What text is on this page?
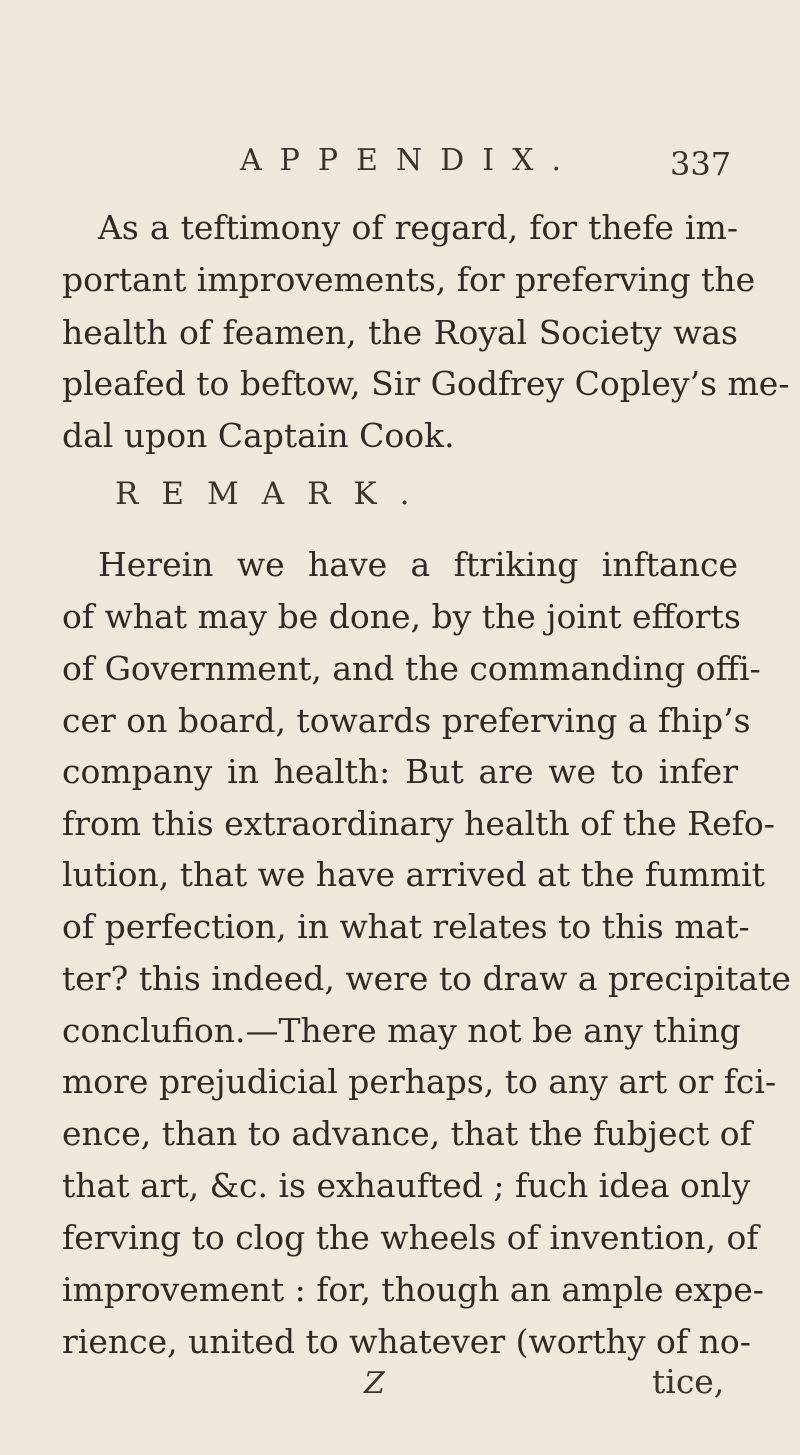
APPENDIX.	337
As a teftimony of regard, for thefe im-
portant improvements, for preferving the
health of feamen, the Royal Society was
pleafed to beftow, Sir Godfrey Copley’s me-
dal upon Captain Cook.
REMARK.
Herein we have a ftriking inftance
of what may be done, by the joint efforts
of Government, and the commanding offi-
cer on board, towards preferving a fhip’s
company in health: But are we to infer
from this extraordinary health of the Refo-
lution, that we have arrived at the fummit
of perfection, in what relates to this mat-
ter? this indeed, were to draw a precipitate
conclufion.—There may not be any thing
more prejudicial perhaps, to any art or fci-
ence, than to advance, that the fubject of
that art, &c. is exhaufted ; fuch idea only
ferving to clog the wheels of invention, of
improvement : for, though an ample expe-
rience, united to whatever (worthy of no-
Z	tice,
